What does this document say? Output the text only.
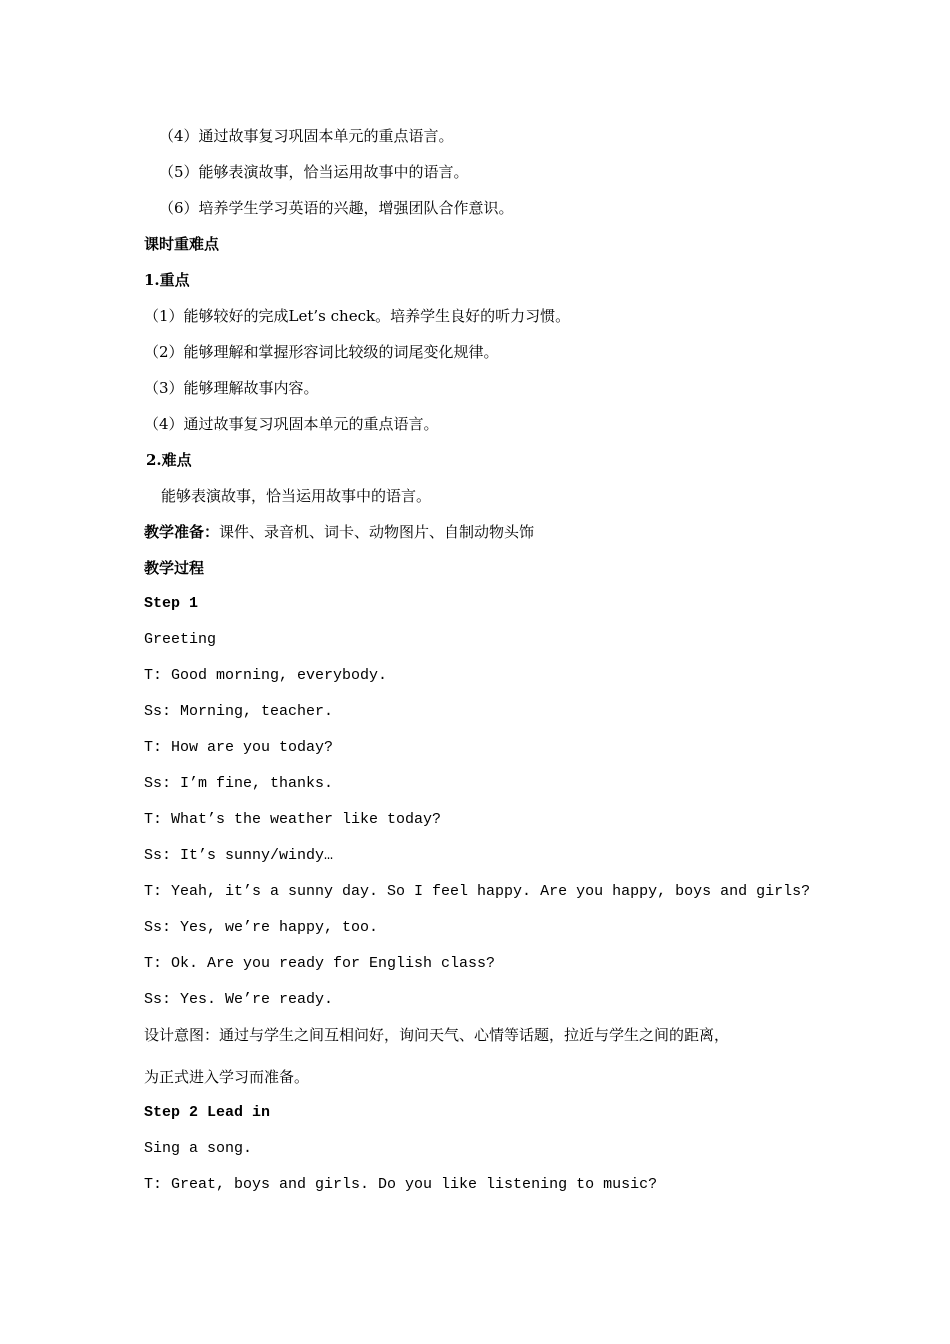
（4）通过故事复习巩固本单元的重点语言。
（5）能够表演故事，恰当运用故事中的语言。
（6）培养学生学习英语的兴趣，增强团队合作意识。
课时重难点
1.重点
（1）能够较好的完成Let’s check。培养学生良好的听力习惯。
（2）能够理解和掌握形容词比较级的词尾变化规律。
（3）能够理解故事内容。
（4）通过故事复习巩固本单元的重点语言。
2.难点
能够表演故事，恰当运用故事中的语言。
教学准备：课件、录音机、词卡、动物图片、自制动物头饰
教学过程
Step 1
Greeting
T: Good morning, everybody.
Ss: Morning, teacher.
T: How are you today?
Ss: I’m fine, thanks.
T: What’s the weather like today?
Ss: It’s sunny/windy…
T: Yeah, it’s a sunny day. So I feel happy. Are you happy, boys and girls?
Ss: Yes, we’re happy, too.
T: Ok. Are you ready for English class?
Ss: Yes. We’re ready.
设计意图：通过与学生之间互相问好，询问天气、心情等话题，拉近与学生之间的距离，
为正式进入学习而准备。
Step 2 Lead in
Sing a song.
T: Great, boys and girls. Do you like listening to music?
